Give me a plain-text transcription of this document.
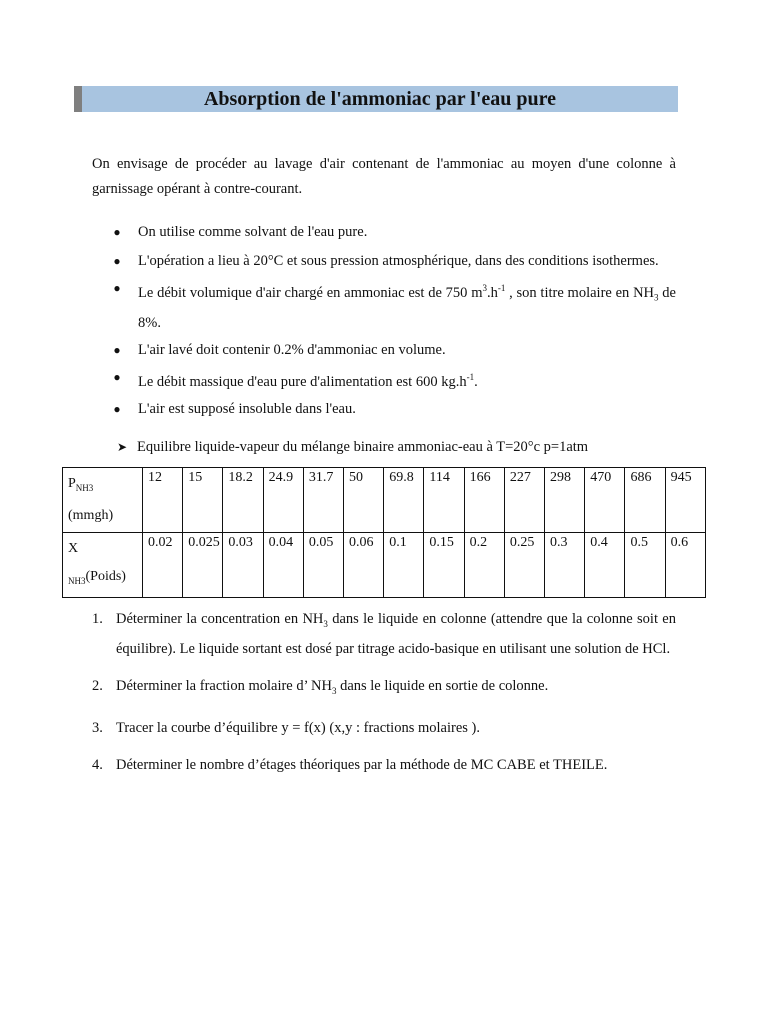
Absorption de l'ammoniac par l'eau pure

On envisage de procéder au lavage d'air contenant de l'ammoniac au moyen d'une colonne à garnissage opérant à contre-courant.

● On utilise comme solvant de l'eau pure.
● L'opération a lieu à 20°C et sous pression atmosphérique, dans des conditions isothermes.
● Le débit volumique d'air chargé en ammoniac est de 750 $m^3.h^{-1}$ , son titre molaire en $NH_3$ de 8%.
● L'air lavé doit contenir 0.2% d'ammoniac en volume.
● Le débit massique d'eau pure d'alimentation est 600 $kg.h^{-1}$.
● L'air est supposé insoluble dans l'eau.
➤ Equilibre liquide-vapeur du mélange binaire ammoniac-eau à T=20°c p=1atm
$P_{NH3}$
(mmgh)	12	15	18.2	24.9	31.7	50	69.8	114	166	227	298	470	686	945
X
$_{NH3}$(Poids)	0.02	0.025	0.03	0.04	0.05	0.06	0.1	0.15	0.2	0.25	0.3	0.4	0.5	0.6
1. Déterminer la concentration en $NH_3$ dans le liquide en colonne (attendre que la colonne soit en équilibre). Le liquide sortant est dosé par titrage acido-basique en utilisant une solution de HCl.
2. Déterminer la fraction molaire d’ $NH_3$ dans le liquide en sortie de colonne.
3. Tracer la courbe d’équilibre y = f(x) (x,y : fractions molaires ).
4. Déterminer le nombre d’étages théoriques par la méthode de MC CABE et THEILE.
